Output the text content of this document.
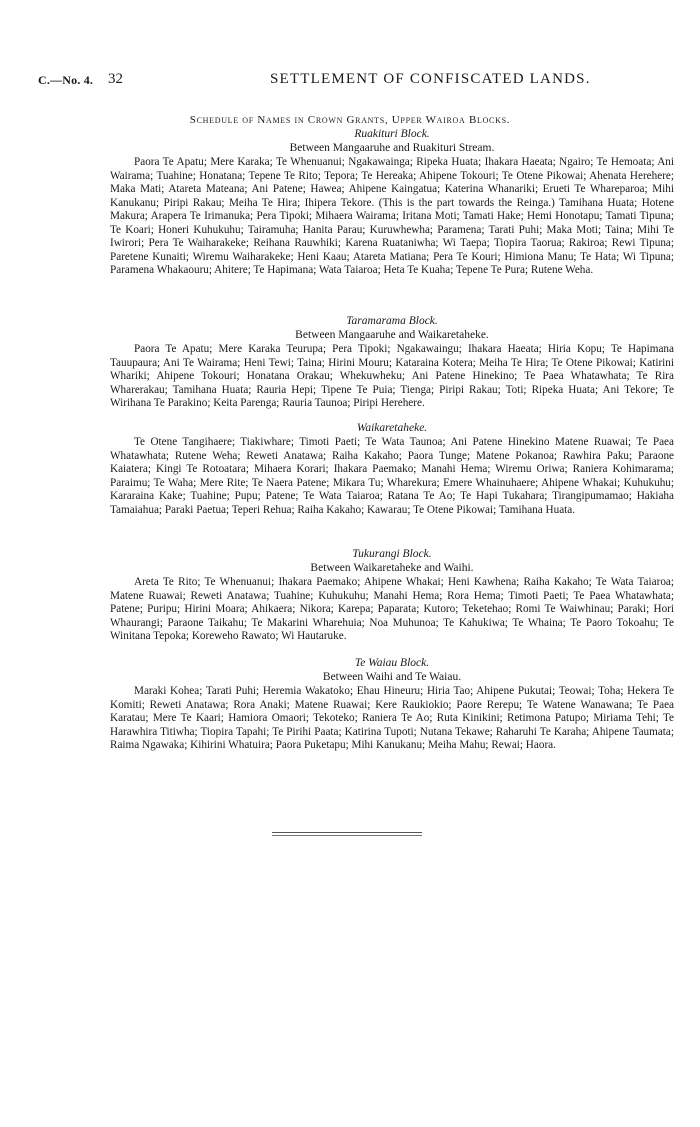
C.—No. 4. 32	SETTLEMENT OF CONFISCATED LANDS.
Schedule of Names in Crown Grants, Upper Wairoa Blocks.
Ruakituri Block.
Between Mangaaruhe and Ruakituri Stream.

Paora Te Apatu; Mere Karaka; Te Whenuanui; Ngakawainga; Ripeka Huata; Ihakara Haeata; Ngairo; Te Hemoata; Ani Wairama; Tuahine; Honatana; Tepene Te Rito; Tepora; Te Hereaka; Ahipene Tokouri; Te Otene Pikowai; Ahenata Herehere; Maka Mati; Atareta Mateana; Ani Patene; Hawea; Ahipene Kaingatua; Katerina Whanariki; Erueti Te Whareparoa; Mihi Kanukanu; Piripi Rakau; Meiha Te Hira; Ihipera Tekore. (This is the part towards the Reinga.) Tamihana Huata; Hotene Makura; Arapera Te Irimanuka; Pera Tipoki; Mihaera Wairama; Iritana Moti; Tamati Hake; Hemi Honotapu; Tamati Tipuna; Te Koari; Honeri Kuhukuhu; Tairamuha; Hanita Parau; Kuruwhewha; Paramena; Tarati Puhi; Maka Moti; Taina; Mihi Te Iwirori; Pera Te Waiharakeke; Reihana Rauwhiki; Karena Ruataniwha; Wi Taepa; Tiopira Taorua; Rakiroa; Rewi Tipuna; Paretene Kunaiti; Wiremu Waiharakeke; Heni Kaau; Atareta Matiana; Pera Te Kouri; Himiona Manu; Te Hata; Wi Tipuna; Paramena Whakaouru; Ahitere; Te Hapimana; Wata Taiaroa; Heta Te Kuaha; Tepene Te Pura; Rutene Weha.

Taramarama Block.
Between Mangaaruhe and Waikaretaheke.

Paora Te Apatu; Mere Karaka Teurupa; Pera Tipoki; Ngakawaingu; Ihakara Haeata; Hiria Kopu; Te Hapimana Tauupaura; Ani Te Wairama; Heni Tewi; Taina; Hirini Mouru; Kataraina Kotera; Meiha Te Hira; Te Otene Pikowai; Katirini Whariki; Ahipene Tokouri; Honatana Orakau; Whekuwheku; Ani Patene Hinekino; Te Paea Whatawhata; Te Rira Wharerakau; Tamihana Huata; Rauria Hepi; Tipene Te Puia; Tienga; Piripi Rakau; Toti; Ripeka Huata; Ani Tekore; Te Wirihana Te Parakino; Keita Parenga; Rauria Taunoa; Piripi Herehere.

Waikaretaheke.

Te Otene Tangihaere; Tiakiwhare; Timoti Paeti; Te Wata Taunoa; Ani Patene Hinekino Matene Ruawai; Te Paea Whatawhata; Rutene Weha; Reweti Anatawa; Raiha Kakaho; Paora Tunge; Matene Pokanoa; Rawhira Paku; Paraone Kaiatera; Kingi Te Rotoatara; Mihaera Korari; Ihakara Paemako; Manahi Hema; Wiremu Oriwa; Raniera Kohimarama; Paraimu; Te Waha; Mere Rite; Te Naera Patene; Mikara Tu; Wharekura; Emere Whainuhaere; Ahipene Whakai; Kuhukuhu; Kararaina Kake; Tuahine; Pupu; Patene; Te Wata Taiaroa; Ratana Te Ao; Te Hapi Tukahara; Tirangipumamao; Hakiaha Tamaiahua; Paraki Paetua; Teperi Rehua; Raiha Kakaho; Kawarau; Te Otene Pikowai; Tamihana Huata.

Tukurangi Block.
Between Waikaretaheke and Waihi.

Areta Te Rito; Te Whenuanui; Ihakara Paemako; Ahipene Whakai; Heni Kawhena; Raiha Kakaho; Te Wata Taiaroa; Matene Ruawai; Reweti Anatawa; Tuahine; Kuhukuhu; Manahi Hema; Rora Hema; Timoti Paeti; Te Paea Whatawhata; Patene; Puripu; Hirini Moara; Ahikaera; Nikora; Karepa; Paparata; Kutoro; Teketehao; Romi Te Waiwhinau; Paraki; Hori Whaurangi; Paraone Taikahu; Te Makarini Wharehuia; Noa Muhunoa; Te Kahukiwa; Te Whaina; Te Paoro Tokoahu; Te Winitana Tepoka; Koreweho Rawato; Wi Hautaruke.

Te Waiau Block.
Between Waihi and Te Waiau.

Maraki Kohea; Tarati Puhi; Heremia Wakatoko; Ehau Hineuru; Hiria Tao; Ahipene Pukutai; Teowai; Toha; Hekera Te Komiti; Reweti Anatawa; Rora Anaki; Matene Ruawai; Kere Raukiokio; Paore Rerepu; Te Watene Wanawana; Te Paea Karatau; Mere Te Kaari; Hamiora Omaori; Tekoteko; Raniera Te Ao; Ruta Kinikini; Retimona Patupo; Miriama Tehi; Te Harawhira Titiwha; Tiopira Tapahi; Te Pirihi Paata; Katirina Tupoti; Nutana Tekawe; Raharuhi Te Karaha; Ahipene Taumata; Raima Ngawaka; Kihirini Whatuira; Paora Puketapu; Mihi Kanukanu; Meiha Mahu; Rewai; Haora.
